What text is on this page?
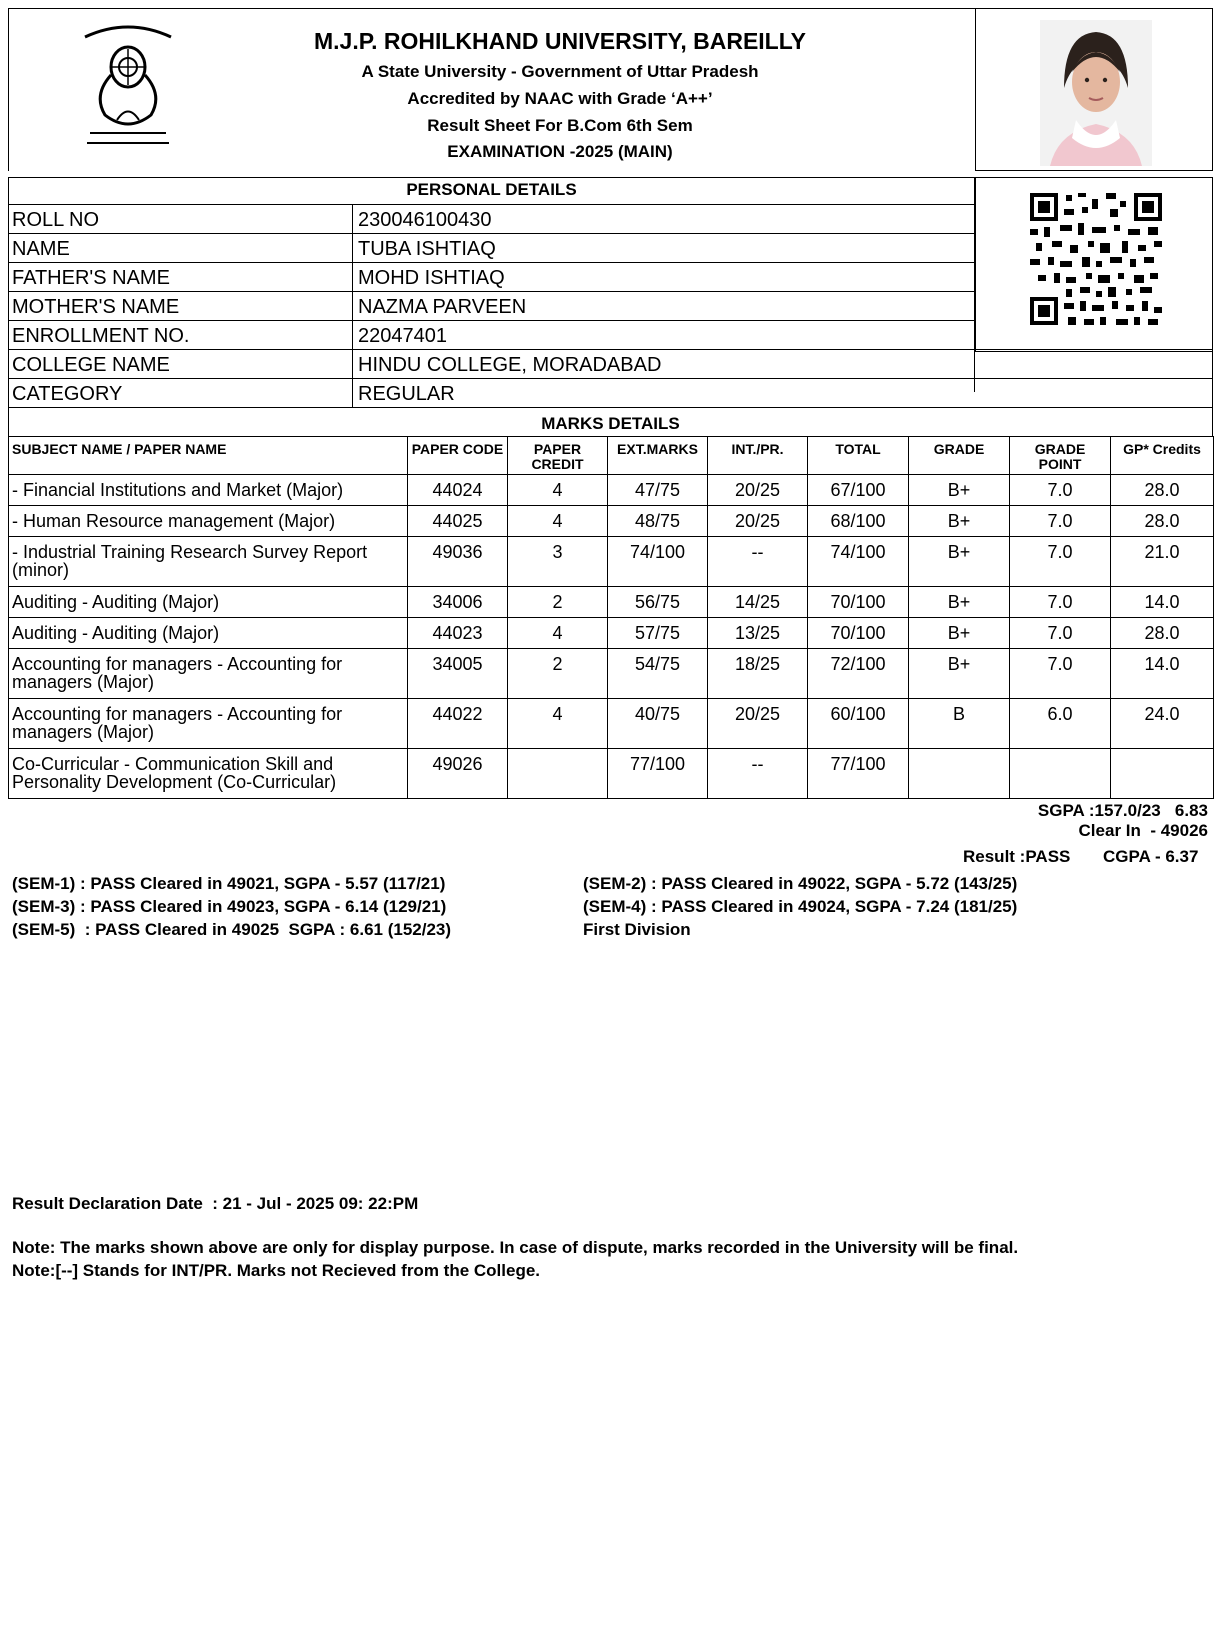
M.J.P. ROHILKHAND UNIVERSITY, BAREILLY
A State University - Government of Uttar Pradesh
Accredited by NAAC with Grade ‘A++’
Result Sheet For B.Com 6th Sem
EXAMINATION -2025 (MAIN)
PERSONAL DETAILS
ROLL NO	230046100430
NAME	TUBA ISHTIAQ
FATHER'S NAME	MOHD ISHTIAQ
MOTHER'S NAME	NAZMA PARVEEN
ENROLLMENT NO.	22047401
COLLEGE NAME	HINDU COLLEGE, MORADABAD
CATEGORY	REGULAR
MARKS DETAILS
SUBJECT NAME / PAPER NAME	PAPER CODE	PAPER CREDIT	EXT.MARKS	INT./PR.	TOTAL	GRADE	GRADE POINT	GP* Credits
- Financial Institutions and Market (Major)	44024	4	47/75	20/25	67/100	B+	7.0	28.0
- Human Resource management (Major)	44025	4	48/75	20/25	68/100	B+	7.0	28.0
- Industrial Training Research Survey Report (minor)	49036	3	74/100	--	74/100	B+	7.0	21.0
Auditing - Auditing (Major)	34006	2	56/75	14/25	70/100	B+	7.0	14.0
Auditing - Auditing (Major)	44023	4	57/75	13/25	70/100	B+	7.0	28.0
Accounting for managers - Accounting for managers (Major)	34005	2	54/75	18/25	72/100	B+	7.0	14.0
Accounting for managers - Accounting for managers (Major)	44022	4	40/75	20/25	60/100	B	6.0	24.0
Co-Curricular - Communication Skill and Personality Development (Co-Curricular)	49026		77/100	--	77/100			
SGPA :157.0/23   6.83
Clear In  - 49026
Result :PASS CGPA - 6.37
(SEM-1) : PASS Cleared in 49021, SGPA - 5.57 (117/21)
(SEM-3) : PASS Cleared in 49023, SGPA - 6.14 (129/21)
(SEM-5)  : PASS Cleared in 49025  SGPA : 6.61 (152/23)
(SEM-2) : PASS Cleared in 49022, SGPA - 5.72 (143/25)
(SEM-4) : PASS Cleared in 49024, SGPA - 7.24 (181/25)
First Division
Result Declaration Date  : 21 - Jul - 2025 09: 22:PM
Note: The marks shown above are only for display purpose. In case of dispute, marks recorded in the University will be final.
Note:[--] Stands for INT/PR. Marks not Recieved from the College.
